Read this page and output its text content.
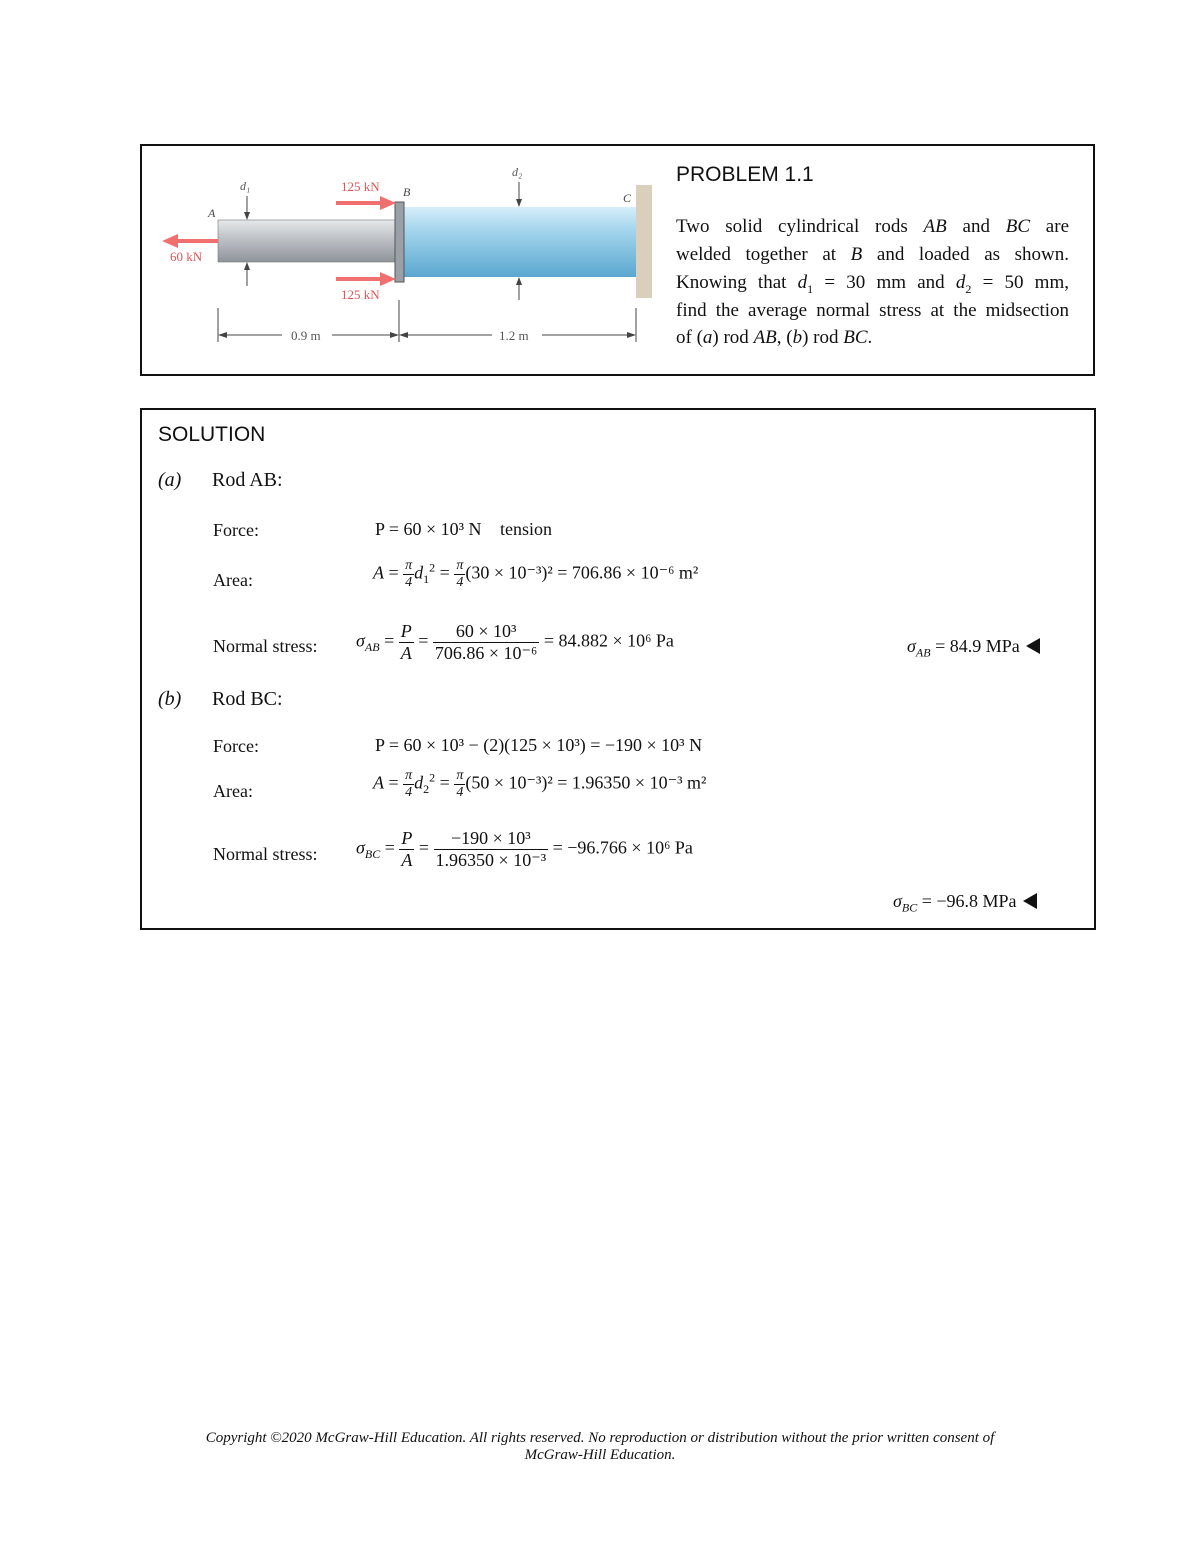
60 kN
125 kN
125 kN
A
B	C
d₁
d₂
0.9 m	1.2 m
PROBLEM 1.1
Two solid cylindrical rods AB and BC are
welded together at B and loaded as shown.
Knowing that $d_1 = 30$ mm and $d_2 = 50$ mm,
find the average normal stress at the midsection
of (a) rod AB, (b) rod BC.
SOLUTION
(a) Rod AB:
Force:	P = 60 × 10³ N tension
Area:	$A = \frac{\pi}{4} d_1^2 = \frac{\pi}{4} (30 \times 10^{-3})^2 = 706.86 \times 10^{-6}$ m²
Normal stress: $\sigma_{AB} = \frac{P}{A} = \frac{\text{60 × 10³}}{\text{706.86 × 10⁻⁶}} = 84.882 \times 10^6$ Pa	$\sigma_{AB} = 84.9$ MPa
(b) Rod BC:
Force:	P = 60 × 10³ − (2)(125 × 10³) = −190 × 10³ N
Area:	$A = \frac{\pi}{4} d_2^2 = \frac{\pi}{4} (50 \times 10^{-3})^2 = 1.96350 \times 10^{-3}$ m²
Normal stress: $\sigma_{BC} = \frac{P}{A} = \frac{\text{−190 × 10³}}{\text{1.96350 × 10⁻³}} = -96.766 \times 10^6$ Pa
$\sigma_{BC} = -96.8$ MPa
Copyright ©2020 McGraw-Hill Education. All rights reserved. No reproduction or distribution without the prior written consent of
McGraw-Hill Education.
